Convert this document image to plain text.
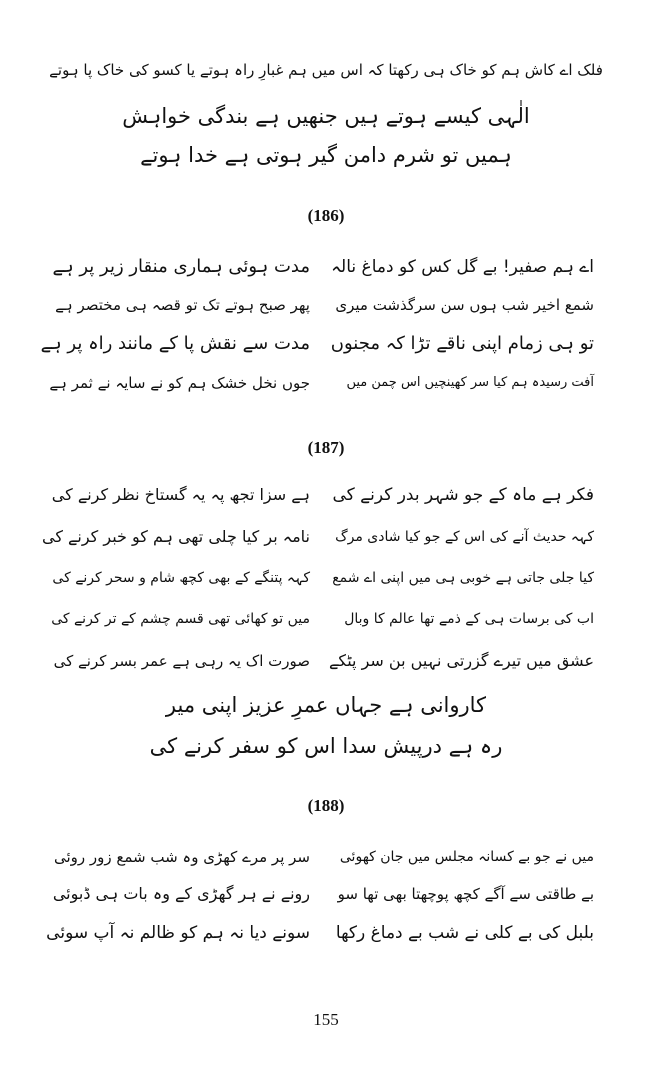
فلک اے کاش ہم کو خاک ہی رکھتا کہ اس میں ہم غبارِ راہ ہوتے یا کسو کی خاک پا ہوتے
الٰہی کیسے ہوتے ہیں جنھیں ہے بندگی خواہش
ہمیں تو شرم دامن گیر ہوتی ہے خدا ہوتے
(186)
اے ہم صفیر! بے گل کس کو دماغ نالہ
مدت ہوئی ہماری منقار زیر پر ہے
شمع اخیر شب ہوں سن سرگذشت میری
پھر صبح ہوتے تک تو قصہ ہی مختصر ہے
تو ہی زمام اپنی ناقے تڑا کہ مجنوں
مدت سے نقش پا کے مانند راہ پر ہے
آفت رسیدہ ہم کیا سر کھینچیں اس چمن میں
جوں نخل خشک ہم کو نے سایہ نے ثمر ہے
(187)
فکر ہے ماہ کے جو شہر بدر کرنے کی
ہے سزا تجھ پہ یہ گستاخ نظر کرنے کی
کہہ حدیث آنے کی اس کے جو کیا شادی مرگ
نامہ بر کیا چلی تھی ہم کو خبر کرنے کی
کیا جلی جاتی ہے خوبی ہی میں اپنی اے شمع
کہہ پتنگے کے بھی کچھ شام و سحر کرنے کی
اب کی برسات ہی کے ذمے تھا عالم کا وبال
میں تو کھائی تھی قسم چشم کے تر کرنے کی
عشق میں تیرے گزرتی نہیں بن سر پٹکے
صورت اک یہ رہی ہے عمر بسر کرنے کی
کاروانی ہے جہاں عمرِ عزیز اپنی میر
رہ ہے درپیش سدا اس کو سفر کرنے کی
(188)
میں نے جو بے کسانہ مجلس میں جان کھوئی
سر پر مرے کھڑی وہ شب شمع زور روئی
بے طاقتی سے آگے کچھ پوچھتا بھی تھا سو
رونے نے ہر گھڑی کے وہ بات ہی ڈبوئی
بلبل کی بے کلی نے شب بے دماغ رکھا
سونے دیا نہ ہم کو ظالم نہ آپ سوئی
155
